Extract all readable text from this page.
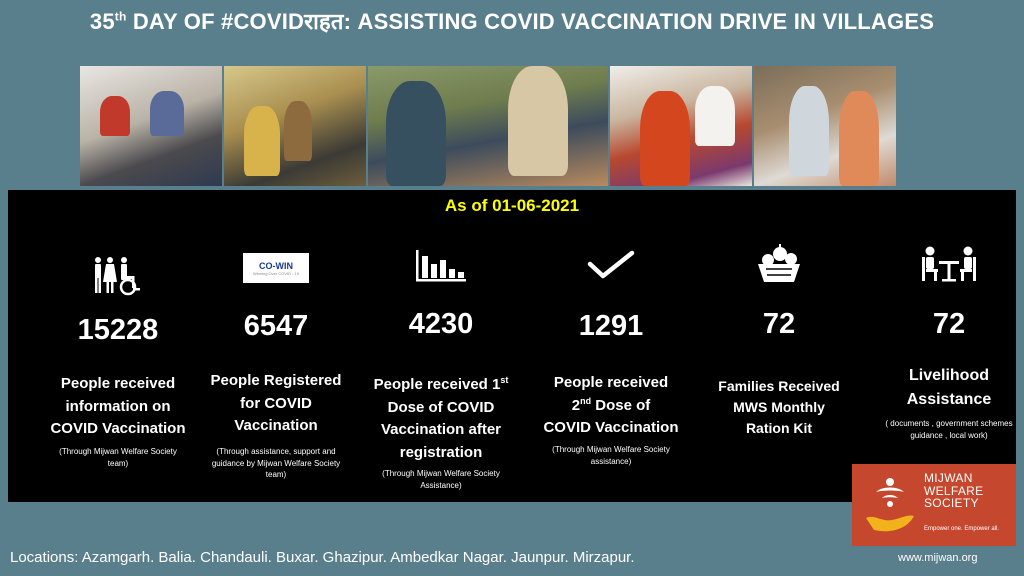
35th DAY OF #COVIDराहत: ASSISTING COVID VACCINATION DRIVE IN VILLAGES
As of 01-06-2021
15228
People received
information on
COVID Vaccination
(Through Mijwan Welfare Society team)
CO-WIN
Winning Over COVID - 19
6547
People Registered
for COVID
Vaccination
(Through assistance, support and guidance by Mijwan Welfare Society team)
4230
People received 1st
Dose of COVID
Vaccination after
registration
(Through Mijwan Welfare Society Assistance)
1291
People received
2nd Dose of
COVID Vaccination
(Through Mijwan Welfare Society assistance)
72
Families Received
MWS Monthly
Ration Kit
72
Livelihood
Assistance
( documents , government schemes guidance , local work)
MIJWAN
WELFARE
SOCIETY
Empower one. Empower all.
Locations: Azamgarh. Balia. Chandauli. Buxar. Ghazipur. Ambedkar Nagar. Jaunpur. Mirzapur.	www.mijwan.org
